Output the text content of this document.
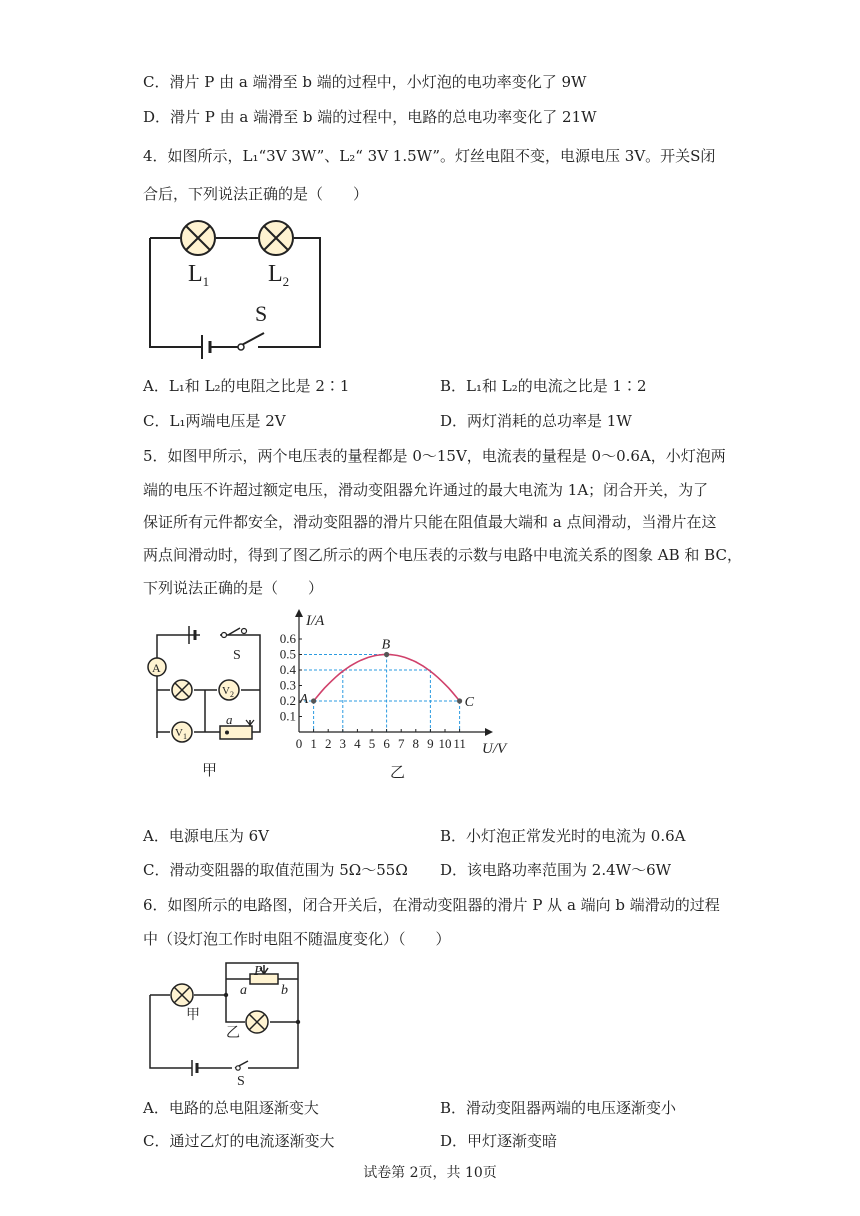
C．滑片 P 由 a 端滑至 b 端的过程中，小灯泡的电功率变化了 9W
D．滑片 P 由 a 端滑至 b 端的过程中，电路的总电功率变化了 21W
4．如图所示，L₁“3V 3W”、L₂“ 3V 1.5W”。灯丝电阻不变，电源电压 3V。开关S闭
合后，下列说法正确的是（　　）
$L_1$ $L_2$
S
A．L₁和 L₂的电阻之比是 2∶1	B．L₁和 L₂的电流之比是 1∶2
C．L₁两端电压是 2V	D．两灯消耗的总功率是 1W
5．如图甲所示，两个电压表的量程都是 0～15V，电流表的量程是 0～0.6A，小灯泡两
端的电压不许超过额定电压，滑动变阻器允许通过的最大电流为 1A；闭合开关，为了
保证所有元件都安全，滑动变阻器的滑片只能在阻值最大端和 a 点间滑动，当滑片在这
两点间滑动时，得到了图乙所示的两个电压表的示数与电路中电流关系的图象 AB 和 BC，
下列说法正确的是（　　）
A
$V_2$
$V_1$
a
S
甲
I/A
U/V
0 1 2 3 4 5 6 7 8 9 10 11
0.1
0.2
0.3
0.4
0.5
0.6
A
B
C
乙
A．电源电压为 6V	B．小灯泡正常发光时的电流为 0.6A
C．滑动变阻器的取值范围为 5Ω～55Ω D．该电路功率范围为 2.4W～6W
6．如图所示的电路图，闭合开关后，在滑动变阻器的滑片 P 从 a 端向 b 端滑动的过程
中（设灯泡工作时电阻不随温度变化）（　　）
P
a b
甲
乙
S
A．电路的总电阻逐渐变大	B．滑动变阻器两端的电压逐渐变小
C．通过乙灯的电流逐渐变大	D．甲灯逐渐变暗
试卷第 2页，共 10页
